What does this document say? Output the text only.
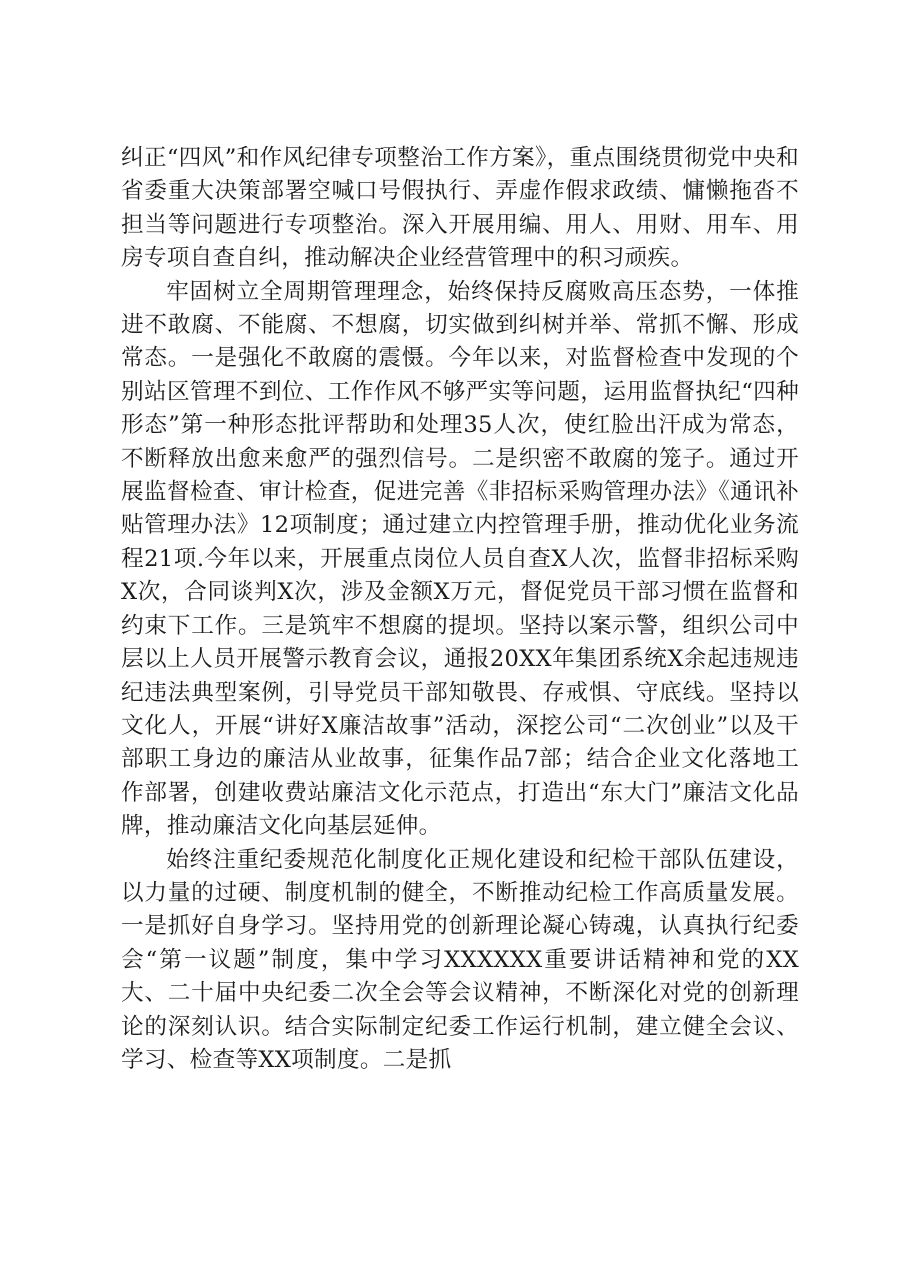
纠正“四风”和作风纪律专项整治工作方案》，重点围绕贯彻党中央和省委重大决策部署空喊口号假执行、弄虚作假求政绩、慵懒拖沓不担当等问题进行专项整治。深入开展用编、用人、用财、用车、用房专项自查自纠，推动解决企业经营管理中的积习顽疾。

牢固树立全周期管理理念，始终保持反腐败高压态势，一体推进不敢腐、不能腐、不想腐，切实做到纠树并举、常抓不懈、形成常态。一是强化不敢腐的震慑。今年以来，对监督检查中发现的个别站区管理不到位、工作作风不够严实等问题，运用监督执纪“四种形态”第一种形态批评帮助和处理35人次，使红脸出汗成为常态，不断释放出愈来愈严的强烈信号。二是织密不敢腐的笼子。通过开展监督检查、审计检查，促进完善《非招标采购管理办法》《通讯补贴管理办法》12项制度；通过建立内控管理手册，推动优化业务流程21项.今年以来，开展重点岗位人员自查X人次，监督非招标采购X次，合同谈判X次，涉及金额X万元，督促党员干部习惯在监督和约束下工作。三是筑牢不想腐的提坝。坚持以案示警，组织公司中层以上人员开展警示教育会议，通报20XX年集团系统X余起违规违纪违法典型案例，引导党员干部知敬畏、存戒惧、守底线。坚持以文化人，开展“讲好X廉洁故事”活动，深挖公司“二次创业”以及干部职工身边的廉洁从业故事，征集作品7部；结合企业文化落地工作部署，创建收费站廉洁文化示范点，打造出“东大门”廉洁文化品牌，推动廉洁文化向基层延伸。

始终注重纪委规范化制度化正规化建设和纪检干部队伍建设，以力量的过硬、制度机制的健全，不断推动纪检工作高质量发展。一是抓好自身学习。坚持用党的创新理论凝心铸魂，认真执行纪委会“第一议题”制度，集中学习XXXXXX重要讲话精神和党的XX大、二十届中央纪委二次全会等会议精神，不断深化对党的创新理论的深刻认识。结合实际制定纪委工作运行机制，建立健全会议、学习、检查等XX项制度。二是抓
